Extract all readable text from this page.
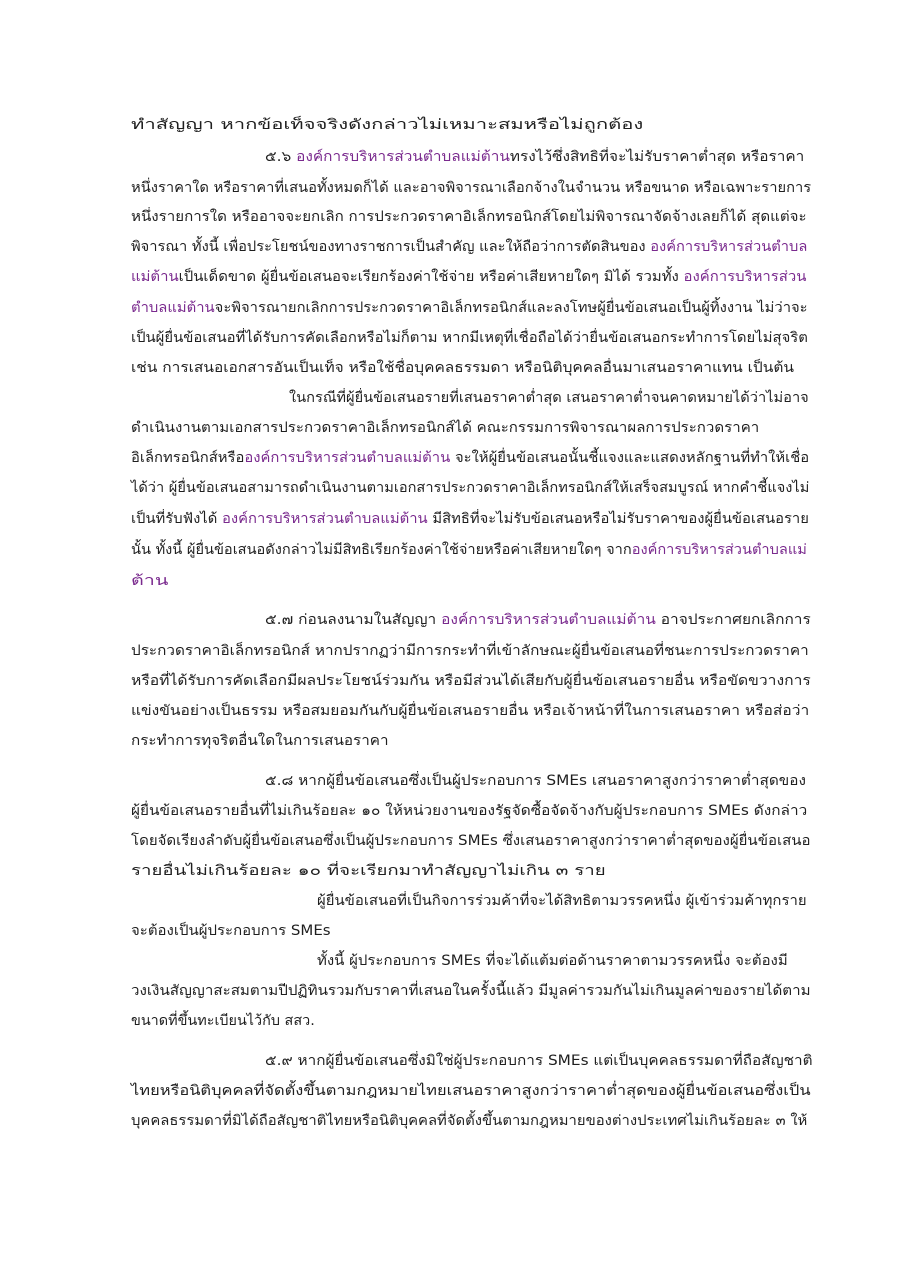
ทำสัญญา หากข้อเท็จจริงดังกล่าวไม่เหมาะสมหรือไม่ถูกต้อง
๕.๖ องค์การบริหารส่วนตำบลแม่ต้านทรงไว้ซึ่งสิทธิที่จะไม่รับราคาต่ำสุด หรือราคา
หนึ่งราคาใด หรือราคาที่เสนอทั้งหมดก็ได้ และอาจพิจารณาเลือกจ้างในจำนวน หรือขนาด หรือเฉพาะรายการ
หนึ่งรายการใด หรืออาจจะยกเลิก การประกวดราคาอิเล็กทรอนิกส์โดยไม่พิจารณาจัดจ้างเลยก็ได้ สุดแต่จะ
พิจารณา ทั้งนี้ เพื่อประโยชน์ของทางราชการเป็นสำคัญ และให้ถือว่าการตัดสินของ องค์การบริหารส่วนตำบล
แม่ต้านเป็นเด็ดขาด ผู้ยื่นข้อเสนอจะเรียกร้องค่าใช้จ่าย หรือค่าเสียหายใดๆ มิได้ รวมทั้ง องค์การบริหารส่วน
ตำบลแม่ต้านจะพิจารณายกเลิกการประกวดราคาอิเล็กทรอนิกส์และลงโทษผู้ยื่นข้อเสนอเป็นผู้ทิ้งงาน ไม่ว่าจะ
เป็นผู้ยื่นข้อเสนอที่ได้รับการคัดเลือกหรือไม่ก็ตาม หากมีเหตุที่เชื่อถือได้ว่ายื่นข้อเสนอกระทำการโดยไม่สุจริต
เช่น การเสนอเอกสารอันเป็นเท็จ หรือใช้ชื่อบุคคลธรรมดา หรือนิติบุคคลอื่นมาเสนอราคาแทน เป็นต้น
ในกรณีที่ผู้ยื่นข้อเสนอรายที่เสนอราคาต่ำสุด เสนอราคาต่ำจนคาดหมายได้ว่าไม่อาจ
ดำเนินงานตามเอกสารประกวดราคาอิเล็กทรอนิกส์ได้ คณะกรรมการพิจารณาผลการประกวดราคา
อิเล็กทรอนิกส์หรือองค์การบริหารส่วนตำบลแม่ต้าน จะให้ผู้ยื่นข้อเสนอนั้นชี้แจงและแสดงหลักฐานที่ทำให้เชื่อ
ได้ว่า ผู้ยื่นข้อเสนอสามารถดำเนินงานตามเอกสารประกวดราคาอิเล็กทรอนิกส์ให้เสร็จสมบูรณ์ หากคำชี้แจงไม่
เป็นที่รับฟังได้ องค์การบริหารส่วนตำบลแม่ต้าน มีสิทธิที่จะไม่รับข้อเสนอหรือไม่รับราคาของผู้ยื่นข้อเสนอราย
นั้น ทั้งนี้ ผู้ยื่นข้อเสนอดังกล่าวไม่มีสิทธิเรียกร้องค่าใช้จ่ายหรือค่าเสียหายใดๆ จากองค์การบริหารส่วนตำบลแม่
ต้าน
๕.๗ ก่อนลงนามในสัญญา องค์การบริหารส่วนตำบลแม่ต้าน อาจประกาศยกเลิกการ
ประกวดราคาอิเล็กทรอนิกส์ หากปรากฏว่ามีการกระทำที่เข้าลักษณะผู้ยื่นข้อเสนอที่ชนะการประกวดราคา
หรือที่ได้รับการคัดเลือกมีผลประโยชน์ร่วมกัน หรือมีส่วนได้เสียกับผู้ยื่นข้อเสนอรายอื่น หรือขัดขวางการ
แข่งขันอย่างเป็นธรรม หรือสมยอมกันกับผู้ยื่นข้อเสนอรายอื่น หรือเจ้าหน้าที่ในการเสนอราคา หรือส่อว่า
กระทำการทุจริตอื่นใดในการเสนอราคา
๕.๘ หากผู้ยื่นข้อเสนอซึ่งเป็นผู้ประกอบการ SMEs เสนอราคาสูงกว่าราคาต่ำสุดของ
ผู้ยื่นข้อเสนอรายอื่นที่ไม่เกินร้อยละ ๑๐ ให้หน่วยงานของรัฐจัดซื้อจัดจ้างกับผู้ประกอบการ SMEs ดังกล่าว
โดยจัดเรียงลำดับผู้ยื่นข้อเสนอซึ่งเป็นผู้ประกอบการ SMEs ซึ่งเสนอราคาสูงกว่าราคาต่ำสุดของผู้ยื่นข้อเสนอ
รายอื่นไม่เกินร้อยละ ๑๐ ที่จะเรียกมาทำสัญญาไม่เกิน ๓ ราย
ผู้ยื่นข้อเสนอที่เป็นกิจการร่วมค้าที่จะได้สิทธิตามวรรคหนึ่ง ผู้เข้าร่วมค้าทุกราย
จะต้องเป็นผู้ประกอบการ SMEs
ทั้งนี้ ผู้ประกอบการ SMEs ที่จะได้แต้มต่อด้านราคาตามวรรคหนึ่ง จะต้องมี
วงเงินสัญญาสะสมตามปีปฏิทินรวมกับราคาที่เสนอในครั้งนี้แล้ว มีมูลค่ารวมกันไม่เกินมูลค่าของรายได้ตาม
ขนาดที่ขึ้นทะเบียนไว้กับ สสว.
๕.๙ หากผู้ยื่นข้อเสนอซึ่งมิใช่ผู้ประกอบการ SMEs แต่เป็นบุคคลธรรมดาที่ถือสัญชาติ
ไทยหรือนิติบุคคลที่จัดตั้งขึ้นตามกฎหมายไทยเสนอราคาสูงกว่าราคาต่ำสุดของผู้ยื่นข้อเสนอซึ่งเป็น
บุคคลธรรมดาที่มิได้ถือสัญชาติไทยหรือนิติบุคคลที่จัดตั้งขึ้นตามกฎหมายของต่างประเทศไม่เกินร้อยละ ๓ ให้
